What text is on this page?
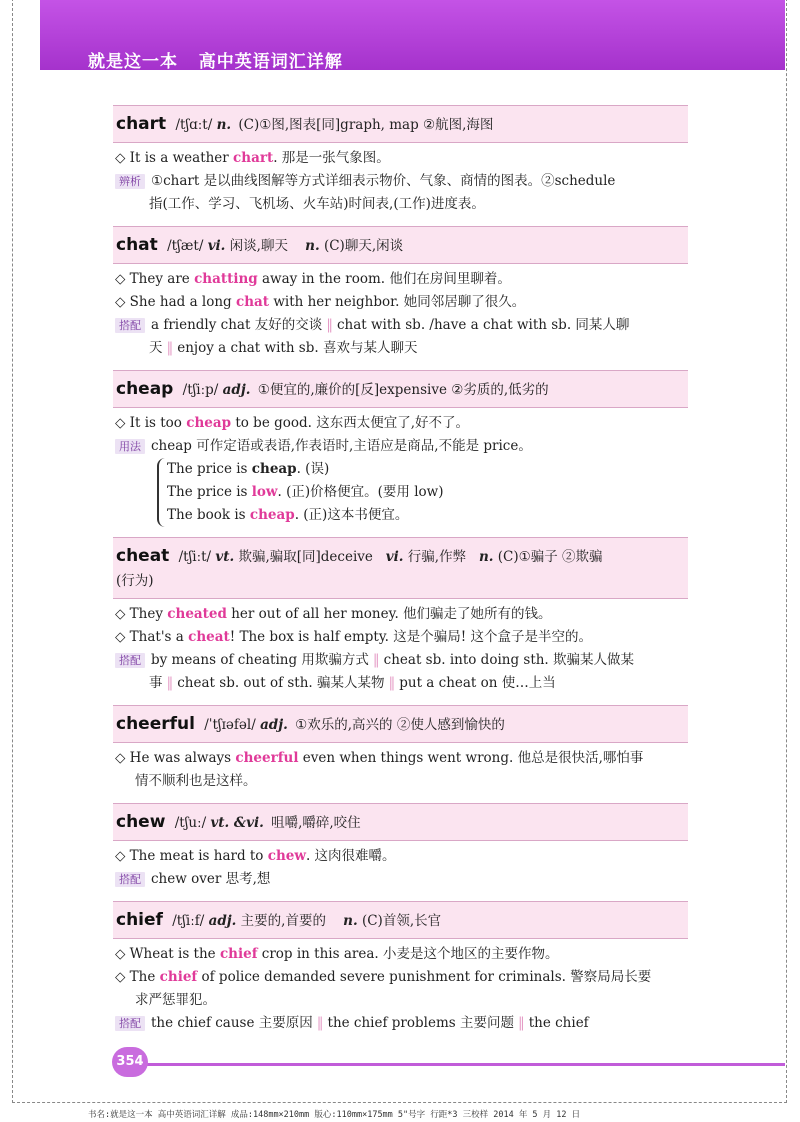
就是这一本   高中英语词汇详解
chart /tʃɑːt/ n. (C)①图,图表[同]graph, map ②航图,海图
◇ It is a weather chart. 那是一张气象图。
辨析 ①chart 是以曲线图解等方式详细表示物价、气象、商情的图表。②schedule
指(工作、学习、飞机场、火车站)时间表,(工作)进度表。
chat /tʃæt/ vi. 闲谈,聊天 n. (C)聊天,闲谈
◇ They are chatting away in the room. 他们在房间里聊着。
◇ She had a long chat with her neighbor. 她同邻居聊了很久。
搭配 a friendly chat 友好的交谈 ‖ chat with sb. /have a chat with sb. 同某人聊
天 ‖ enjoy a chat with sb. 喜欢与某人聊天
cheap /tʃiːp/ adj. ①便宜的,廉价的[反]expensive ②劣质的,低劣的
◇ It is too cheap to be good. 这东西太便宜了,好不了。
用法 cheap 可作定语或表语,作表语时,主语应是商品,不能是 price。
The price is cheap. (误)
The price is low. (正)价格便宜。(要用 low)
The book is cheap. (正)这本书便宜。
cheat /tʃiːt/ vt. 欺骗,骗取[同]deceive vi. 行骗,作弊 n. (C)①骗子 ②欺骗
(行为)
◇ They cheated her out of all her money. 他们骗走了她所有的钱。
◇ That's a cheat! The box is half empty. 这是个骗局! 这个盒子是半空的。
搭配 by means of cheating 用欺骗方式 ‖ cheat sb. into doing sth. 欺骗某人做某
事 ‖ cheat sb. out of sth. 骗某人某物 ‖ put a cheat on 使…上当
cheerful /ˈtʃɪəfəl/ adj. ①欢乐的,高兴的 ②使人感到愉快的
◇ He was always cheerful even when things went wrong. 他总是很快活,哪怕事
情不顺利也是这样。
chew /tʃuː/ vt. &vi. 咀嚼,嚼碎,咬住
◇ The meat is hard to chew. 这肉很难嚼。
搭配 chew over 思考,想
chief /tʃiːf/ adj. 主要的,首要的 n. (C)首领,长官
◇ Wheat is the chief crop in this area. 小麦是这个地区的主要作物。
◇ The chief of police demanded severe punishment for criminals. 警察局局长要
求严惩罪犯。
搭配 the chief cause 主要原因 ‖ the chief problems 主要问题 ‖ the chief
354
书名:就是这一本 高中英语词汇详解 成品:148mm×210mm 版心:110mm×175mm 5"号字 行距*3 三校样 2014 年 5 月 12 日
